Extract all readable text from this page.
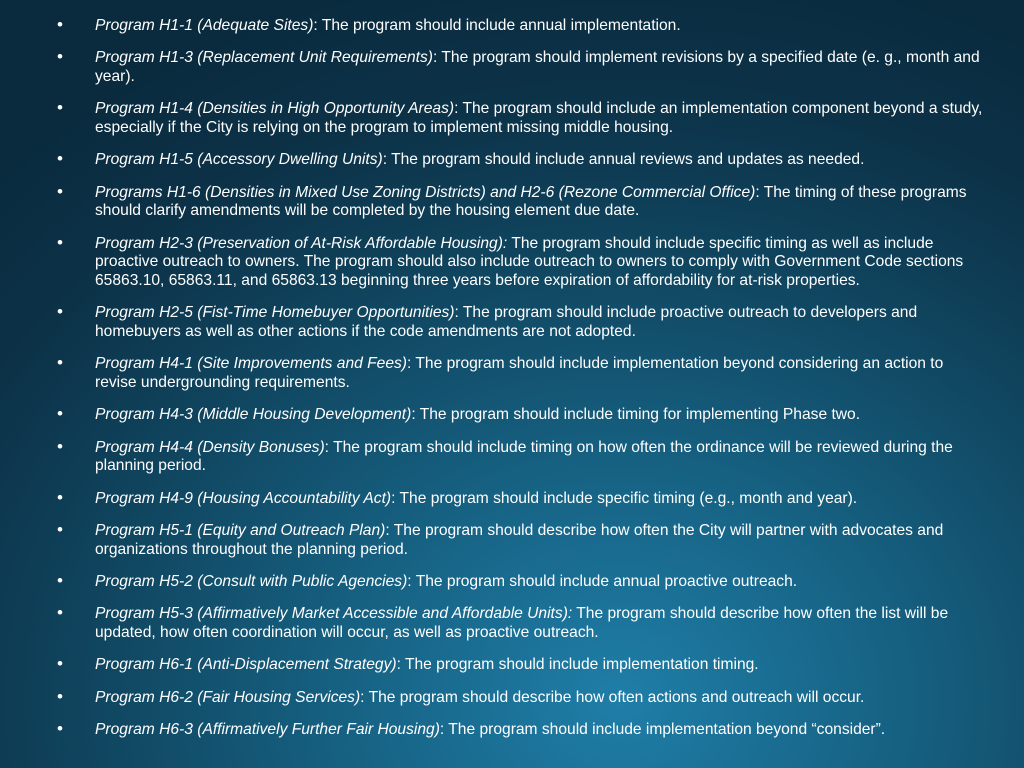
• Program H1-1 (Adequate Sites): The program should include annual implementation.
• Program H1-3 (Replacement Unit Requirements): The program should implement revisions by a specified date (e. g., month and year).
• Program H1-4 (Densities in High Opportunity Areas): The program should include an implementation component beyond a study, especially if the City is relying on the program to implement missing middle housing.
• Program H1-5 (Accessory Dwelling Units): The program should include annual reviews and updates as needed.
• Programs H1-6 (Densities in Mixed Use Zoning Districts) and H2-6 (Rezone Commercial Office): The timing of these programs should clarify amendments will be completed by the housing element due date.
• Program H2-3 (Preservation of At-Risk Affordable Housing): The program should include specific timing as well as include proactive outreach to owners. The program should also include outreach to owners to comply with Government Code sections 65863.10, 65863.11, and 65863.13 beginning three years before expiration of affordability for at-risk properties.
• Program H2-5 (Fist-Time Homebuyer Opportunities): The program should include proactive outreach to developers and homebuyers as well as other actions if the code amendments are not adopted.
• Program H4-1 (Site Improvements and Fees): The program should include implementation beyond considering an action to revise undergrounding requirements.
• Program H4-3 (Middle Housing Development): The program should include timing for implementing Phase two.
• Program H4-4 (Density Bonuses): The program should include timing on how often the ordinance will be reviewed during the planning period.
• Program H4-9 (Housing Accountability Act): The program should include specific timing (e.g., month and year).
• Program H5-1 (Equity and Outreach Plan): The program should describe how often the City will partner with advocates and organizations throughout the planning period.
• Program H5-2 (Consult with Public Agencies): The program should include annual proactive outreach.
• Program H5-3 (Affirmatively Market Accessible and Affordable Units): The program should describe how often the list will be updated, how often coordination will occur, as well as proactive outreach.
• Program H6-1 (Anti-Displacement Strategy): The program should include implementation timing.
• Program H6-2 (Fair Housing Services): The program should describe how often actions and outreach will occur.
• Program H6-3 (Affirmatively Further Fair Housing): The program should include implementation beyond “consider”.
